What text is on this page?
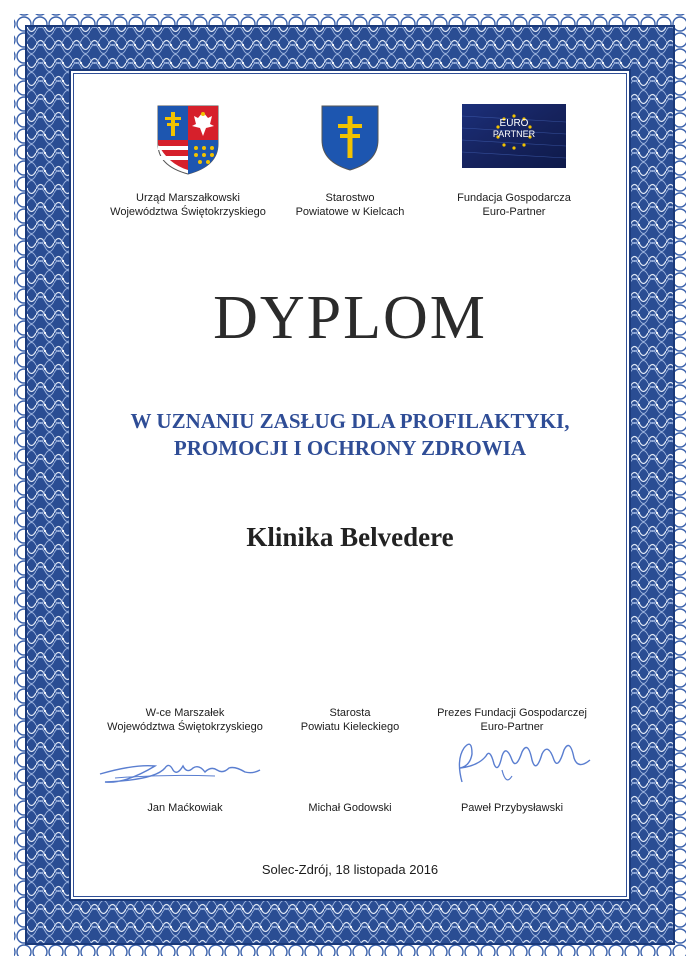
Urząd Marszałkowski
Województwa Świętokrzyskiego
Starostwo
Powiatowe w Kielcach
EURO
PARTNER
Fundacja Gospodarcza
Euro-Partner
DYPLOM
W UZNANIU ZASŁUG DLA PROFILAKTYKI,
PROMOCJI I OCHRONY ZDROWIA
Klinika Belvedere
W-ce Marszałek
Województwa Świętokrzyskiego
Jan Maćkowiak
Starosta
Powiatu Kieleckiego
Michał Godowski
Prezes Fundacji Gospodarczej
Euro-Partner
Paweł Przybysławski
Solec-Zdrój, 18 listopada 2016
